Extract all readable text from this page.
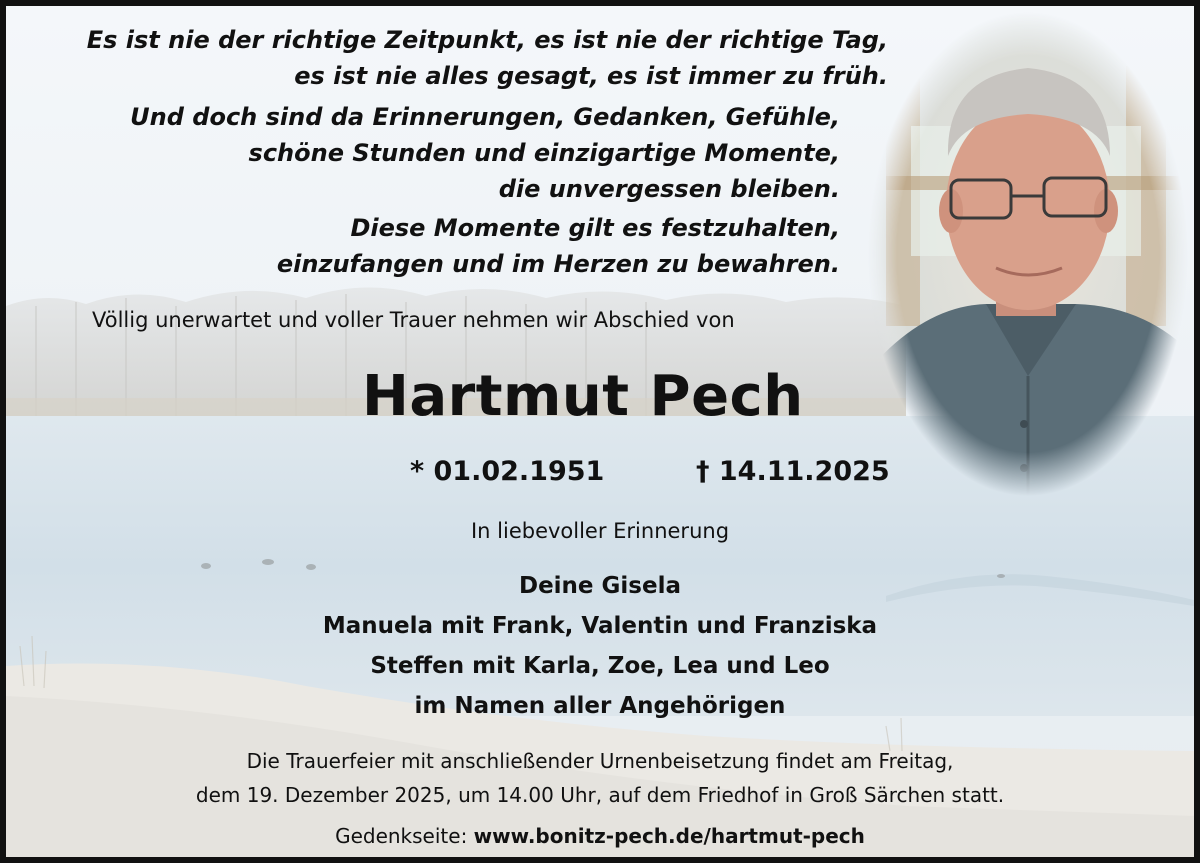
Es ist nie der richtige Zeitpunkt, es ist nie der richtige Tag,
es ist nie alles gesagt, es ist immer zu früh.
Und doch sind da Erinnerungen, Gedanken, Gefühle,
schöne Stunden und einzigartige Momente,
die unvergessen bleiben.
Diese Momente gilt es festzuhalten,
einzufangen und im Herzen zu bewahren.
Völlig unerwartet und voller Trauer nehmen wir Abschied von
Hartmut Pech
* 01.02.1951	† 14.11.2025
In liebevoller Erinnerung
Deine Gisela
Manuela mit Frank, Valentin und Franziska
Steffen mit Karla, Zoe, Lea und Leo
im Namen aller Angehörigen
Die Trauerfeier mit anschließender Urnenbeisetzung findet am Freitag,
dem 19. Dezember 2025, um 14.00 Uhr, auf dem Friedhof in Groß Särchen statt.
Gedenkseite: www.bonitz-pech.de/hartmut-pech
